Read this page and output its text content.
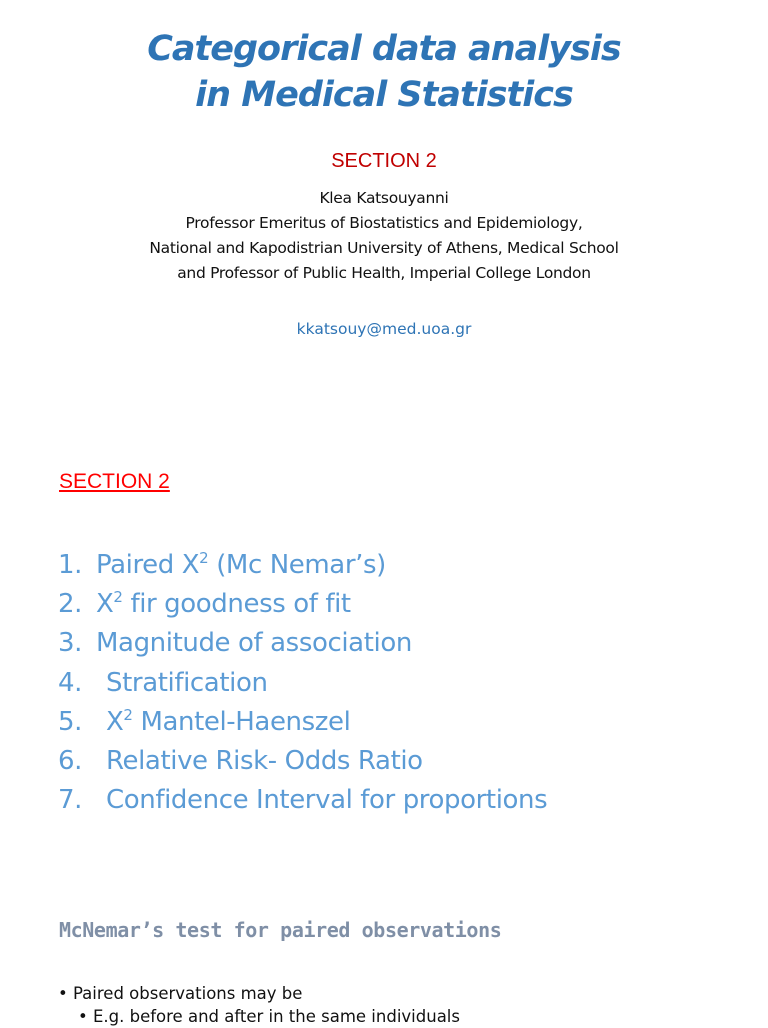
Categorical data analysis
in Medical Statistics
SECTION 2
Klea Katsouyanni
Professor Emeritus of Biostatistics and Epidemiology,
National and Kapodistrian University of Athens, Medical School
and Professor of Public Health, Imperial College London
kkatsouy@med.uoa.gr
SECTION 2
1. Paired $X^2$ (Mc Nemar’s)
2. $X^2$ fir goodness of fit
3. Magnitude of association
4. Stratification
5. $X^2$ Mantel-Haenszel
6. Relative Risk- Odds Ratio
7. Confidence Interval for proportions
McNemar’s test for paired observations
• Paired observations may be
• E.g. before and after in the same individuals
